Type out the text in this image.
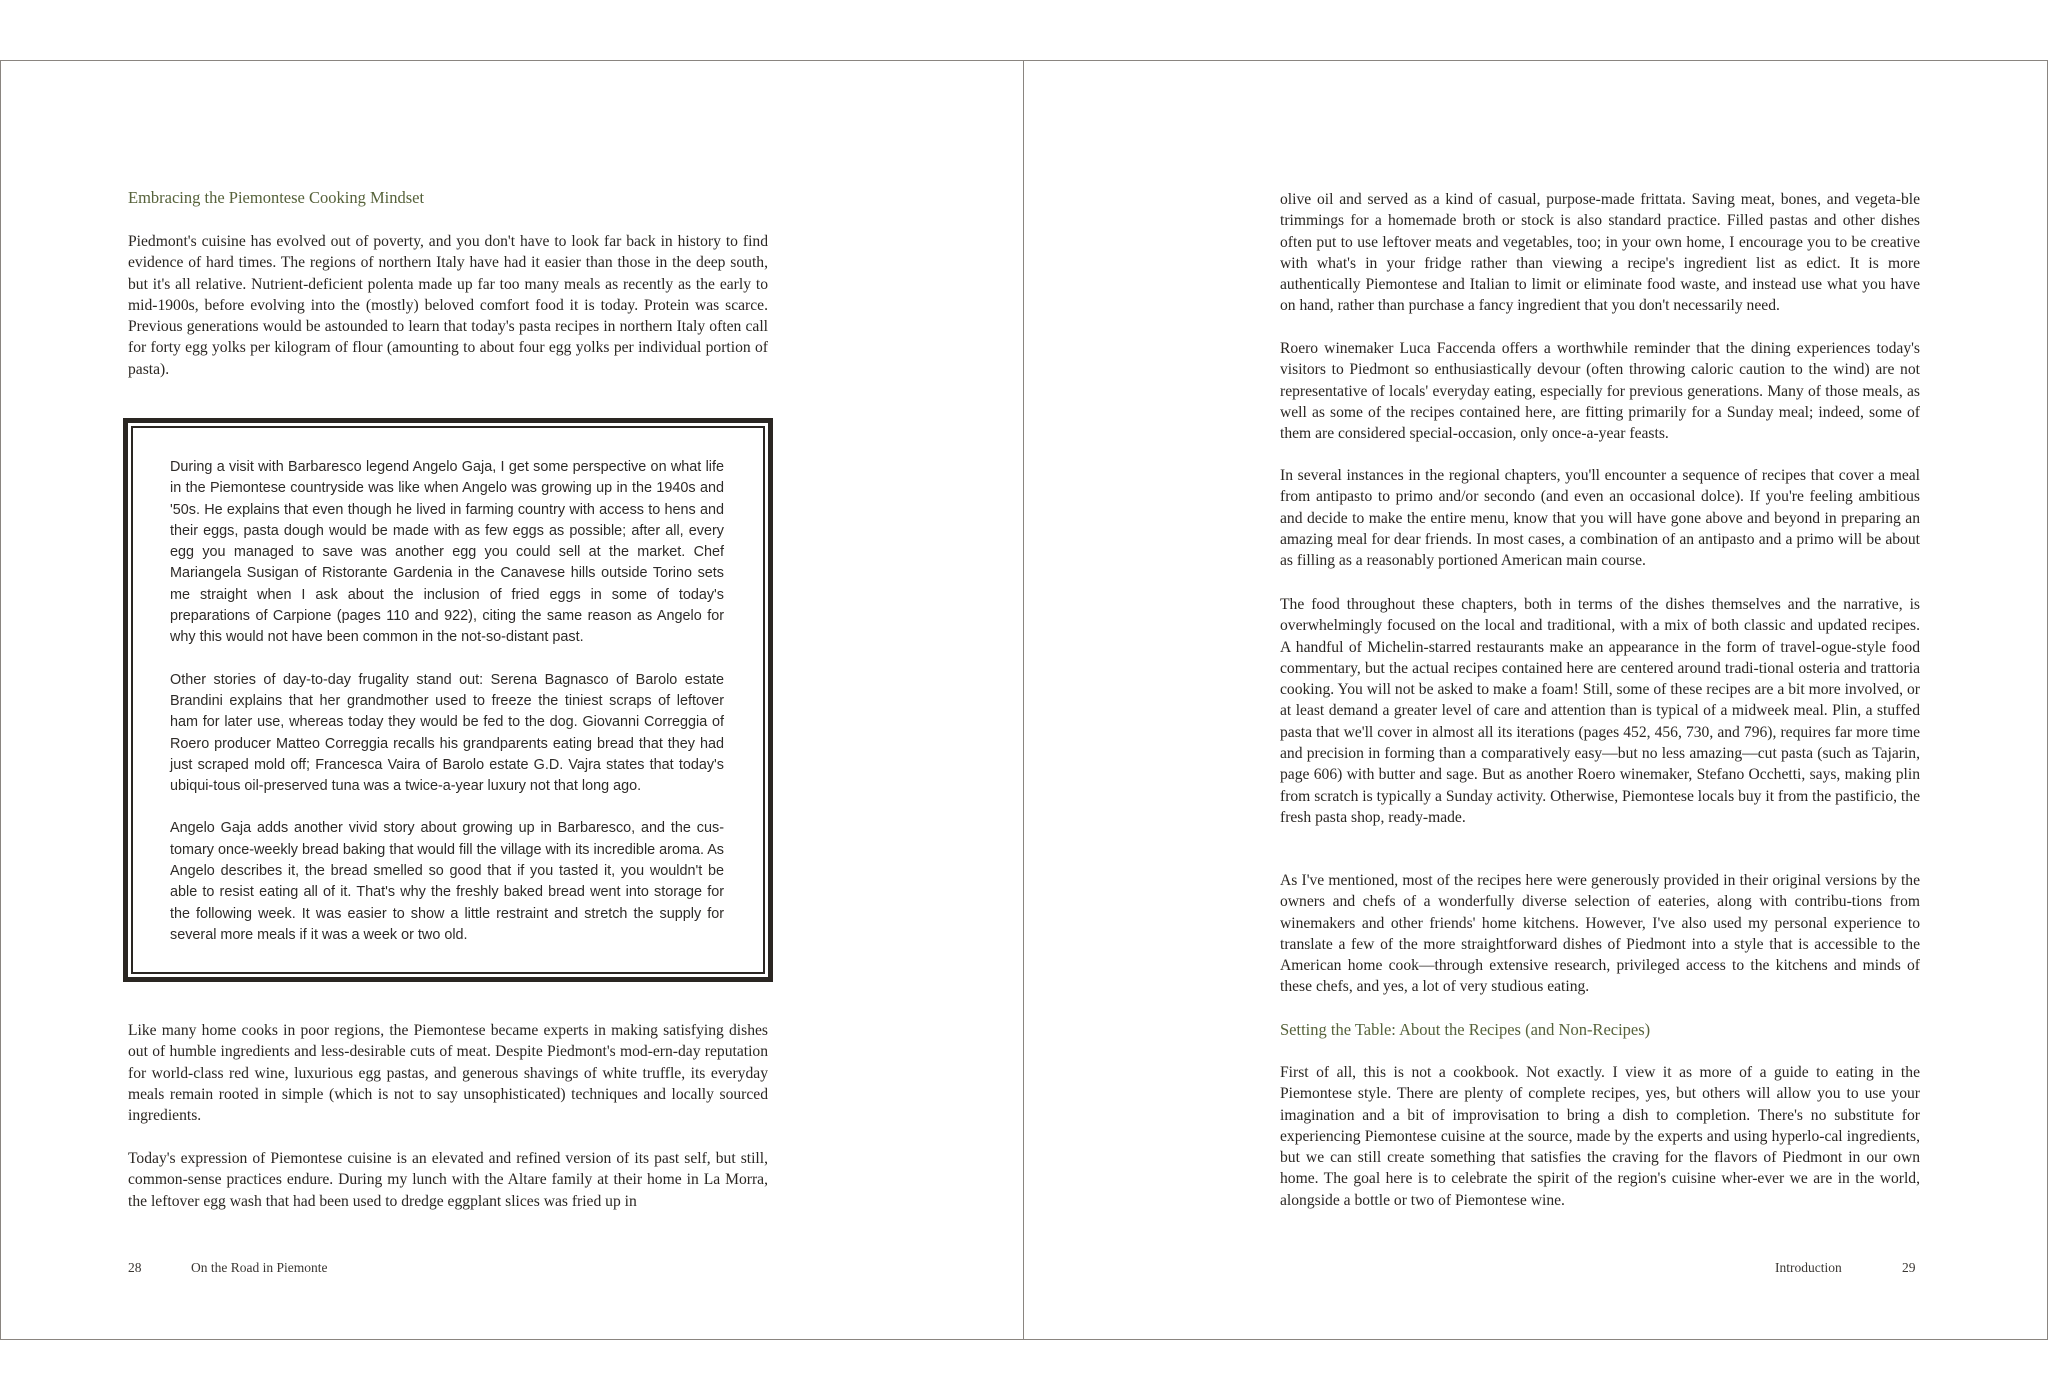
Embracing the Piemontese Cooking Mindset

Piedmont's cuisine has evolved out of poverty, and you don't have to look far back in history to find evidence of hard times. The regions of northern Italy have had it easier than those in the deep south, but it's all relative. Nutrient-deficient polenta made up far too many meals as recently as the early to mid-1900s, before evolving into the (mostly) beloved comfort food it is today. Protein was scarce. Previous generations would be astounded to learn that today's pasta recipes in northern Italy often call for forty egg yolks per kilogram of flour (amounting to about four egg yolks per individual portion of pasta).

During a visit with Barbaresco legend Angelo Gaja, I get some perspective on what life in the Piemontese countryside was like when Angelo was growing up in the 1940s and '50s. He explains that even though he lived in farming country with access to hens and their eggs, pasta dough would be made with as few eggs as possible; after all, every egg you managed to save was another egg you could sell at the market. Chef Mariangela Susigan of Ristorante Gardenia in the Canavese hills outside Torino sets me straight when I ask about the inclusion of fried eggs in some of today's preparations of Carpione (pages 110 and 922), citing the same reason as Angelo for why this would not have been common in the not-so-distant past.

Other stories of day-to-day frugality stand out: Serena Bagnasco of Barolo estate Brandini explains that her grandmother used to freeze the tiniest scraps of leftover ham for later use, whereas today they would be fed to the dog. Giovanni Correggia of Roero producer Matteo Correggia recalls his grandparents eating bread that they had just scraped mold off; Francesca Vaira of Barolo estate G.D. Vajra states that today's ubiqui-tous oil-preserved tuna was a twice-a-year luxury not that long ago.

Angelo Gaja adds another vivid story about growing up in Barbaresco, and the cus-tomary once-weekly bread baking that would fill the village with its incredible aroma. As Angelo describes it, the bread smelled so good that if you tasted it, you wouldn't be able to resist eating all of it. That's why the freshly baked bread went into storage for the following week. It was easier to show a little restraint and stretch the supply for several more meals if it was a week or two old.

Like many home cooks in poor regions, the Piemontese became experts in making satisfying dishes out of humble ingredients and less-desirable cuts of meat. Despite Piedmont's mod-ern-day reputation for world-class red wine, luxurious egg pastas, and generous shavings of white truffle, its everyday meals remain rooted in simple (which is not to say unsophisticated) techniques and locally sourced ingredients.

Today's expression of Piemontese cuisine is an elevated and refined version of its past self, but still, common-sense practices endure. During my lunch with the Altare family at their home in La Morra, the leftover egg wash that had been used to dredge eggplant slices was fried up in

28	On the Road in Piemonte

olive oil and served as a kind of casual, purpose-made frittata. Saving meat, bones, and vegeta-ble trimmings for a homemade broth or stock is also standard practice. Filled pastas and other dishes often put to use leftover meats and vegetables, too; in your own home, I encourage you to be creative with what's in your fridge rather than viewing a recipe's ingredient list as edict. It is more authentically Piemontese and Italian to limit or eliminate food waste, and instead use what you have on hand, rather than purchase a fancy ingredient that you don't necessarily need.

Roero winemaker Luca Faccenda offers a worthwhile reminder that the dining experiences today's visitors to Piedmont so enthusiastically devour (often throwing caloric caution to the wind) are not representative of locals' everyday eating, especially for previous generations. Many of those meals, as well as some of the recipes contained here, are fitting primarily for a Sunday meal; indeed, some of them are considered special-occasion, only once-a-year feasts.

In several instances in the regional chapters, you'll encounter a sequence of recipes that cover a meal from antipasto to primo and/or secondo (and even an occasional dolce). If you're feeling ambitious and decide to make the entire menu, know that you will have gone above and beyond in preparing an amazing meal for dear friends. In most cases, a combination of an antipasto and a primo will be about as filling as a reasonably portioned American main course.

The food throughout these chapters, both in terms of the dishes themselves and the narrative, is overwhelmingly focused on the local and traditional, with a mix of both classic and updated recipes. A handful of Michelin-starred restaurants make an appearance in the form of travel-ogue-style food commentary, but the actual recipes contained here are centered around tradi-tional osteria and trattoria cooking. You will not be asked to make a foam! Still, some of these recipes are a bit more involved, or at least demand a greater level of care and attention than is typical of a midweek meal. Plin, a stuffed pasta that we'll cover in almost all its iterations (pages 452, 456, 730, and 796), requires far more time and precision in forming than a comparatively easy—but no less amazing—cut pasta (such as Tajarin, page 606) with butter and sage. But as another Roero winemaker, Stefano Occhetti, says, making plin from scratch is typically a Sunday activity. Otherwise, Piemontese locals buy it from the pastificio, the fresh pasta shop, ready-made.

As I've mentioned, most of the recipes here were generously provided in their original versions by the owners and chefs of a wonderfully diverse selection of eateries, along with contribu-tions from winemakers and other friends' home kitchens. However, I've also used my personal experience to translate a few of the more straightforward dishes of Piedmont into a style that is accessible to the American home cook—through extensive research, privileged access to the kitchens and minds of these chefs, and yes, a lot of very studious eating.

Setting the Table: About the Recipes (and Non-Recipes)

First of all, this is not a cookbook. Not exactly. I view it as more of a guide to eating in the Piemontese style. There are plenty of complete recipes, yes, but others will allow you to use your imagination and a bit of improvisation to bring a dish to completion. There's no substitute for experiencing Piemontese cuisine at the source, made by the experts and using hyperlo-cal ingredients, but we can still create something that satisfies the craving for the flavors of Piedmont in our own home. The goal here is to celebrate the spirit of the region's cuisine wher-ever we are in the world, alongside a bottle or two of Piemontese wine.

Introduction	29
